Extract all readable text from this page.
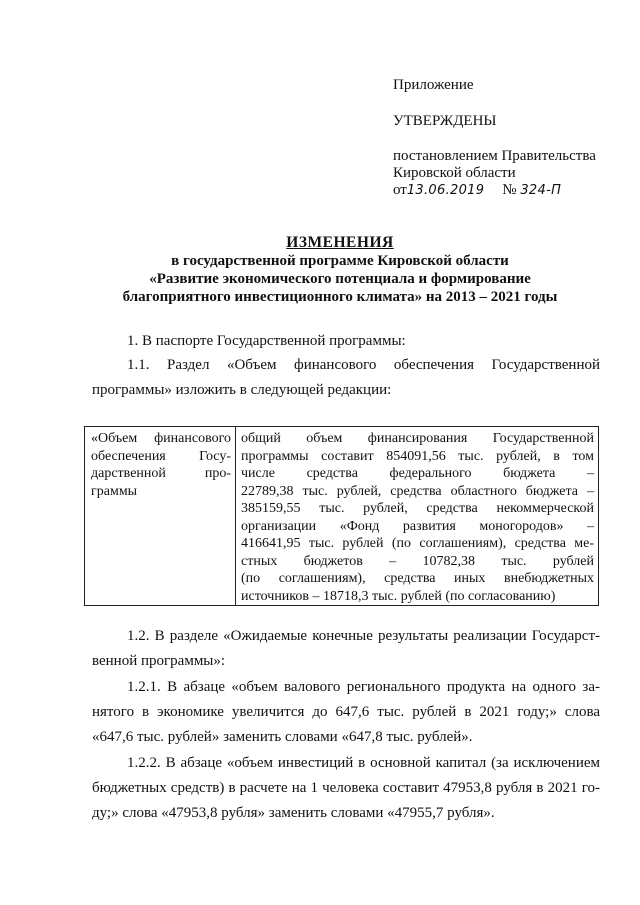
Приложение
УТВЕРЖДЕНЫ
постановлением Правительства
Кировской области
от13.06.2019 № 324-П
ИЗМЕНЕНИЯ
в государственной программе Кировской области
«Развитие экономического потенциала и формирование
благоприятного инвестиционного климата» на 2013 – 2021 годы
1. В паспорте Государственной программы:
1.1. Раздел «Объем финансового обеспечения Государственной
программы» изложить в следующей редакции:
«Объем финансового
обеспечения Госу-
дарственной про-
граммы
общий объем финансирования Государственной
программы составит 854091,56 тыс. рублей, в том
числе средства федерального бюджета –
22789,38 тыс. рублей, средства областного бюджета –
385159,55 тыс. рублей, средства некоммерческой
организации «Фонд развития моногородов» –
416641,95 тыс. рублей (по соглашениям), средства ме-
стных бюджетов – 10782,38 тыс. рублей
(по соглашениям), средства иных внебюджетных
источников – 18718,3 тыс. рублей (по согласованию)
1.2. В разделе «Ожидаемые конечные результаты реализации Государст-
венной программы»:
1.2.1. В абзаце «объем валового регионального продукта на одного за-
нятого в экономике увеличится до 647,6 тыс. рублей в 2021 году;» слова
«647,6 тыс. рублей» заменить словами «647,8 тыс. рублей».
1.2.2. В абзаце «объем инвестиций в основной капитал (за исключением
бюджетных средств) в расчете на 1 человека составит 47953,8 рубля в 2021 го-
ду;» слова «47953,8 рубля» заменить словами «47955,7 рубля».
